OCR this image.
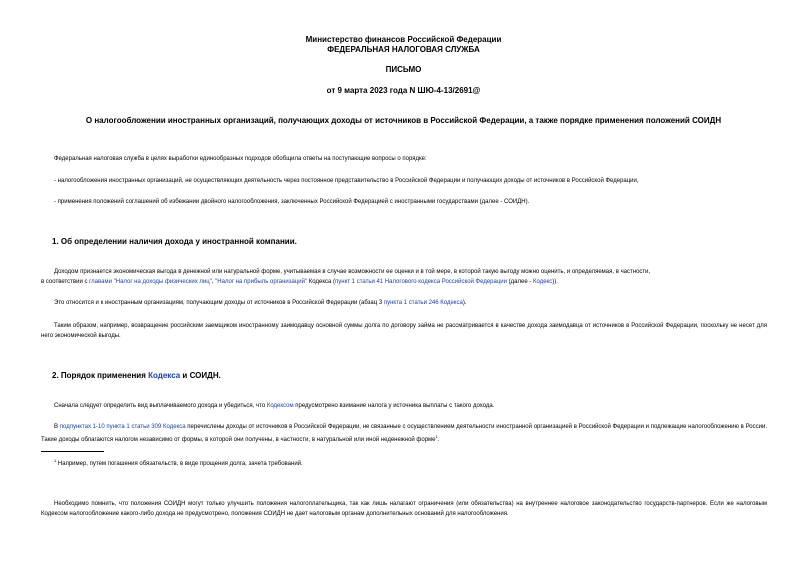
Министерство финансов Российской Федерации
ФЕДЕРАЛЬНАЯ НАЛОГОВАЯ СЛУЖБА
ПИСЬМО
от 9 марта 2023 года N ШЮ-4-13/2691@
О налогообложении иностранных организаций, получающих доходы от источников в Российской Федерации, а также порядке применения положений СОИДН
Федеральная налоговая служба в целях выработки единообразных подходов обобщила ответы на поступающие вопросы о порядке:
- налогообложения иностранных организаций, не осуществляющих деятельность через постоянное представительство в Российской Федерации и получающих доходы от источников в Российской Федерации,
- применения положений соглашений об избежании двойного налогообложения, заключенных Российской Федерацией с иностранными государствами (далее - СОИДН).
1. Об определении наличия дохода у иностранной компании.
Доходом признается экономическая выгода в денежной или натуральной форме, учитываемая в случае возможности ее оценки и в той мере, в которой такую выгоду можно оценить, и определяемая, в частности,
в соответствии с главами "Налог на доходы физических лиц", "Налог на прибыль организаций" Кодекса (пункт 1 статьи 41 Налогового кодекса Российской Федерации (далее - Кодекс)).
Это относится и к иностранным организациям, получающим доходы от источников в Российской Федерации (абзац 3 пункта 1 статьи 246 Кодекса).
Таким образом, например, возвращение российским заемщиком иностранному заимодавцу основной суммы долга по договору займа не рассматривается в качестве дохода заимодавца от источников в Российской Федерации, поскольку не несет для него экономической выгоды.
2. Порядок применения Кодекса и СОИДН.
Сначала следует определить вид выплачиваемого дохода и убедиться, что Кодексом предусмотрено взимание налога у источника выплаты с такого дохода.
В подпунктах 1-10 пункта 1 статьи 309 Кодекса перечислены доходы от источников в Российской Федерации, не связанные с осуществлением деятельности иностранной организацией в Российской Федерации и подлежащие налогообложению в России. Такие доходы облагаются налогом независимо от формы, в которой они получены, в частности, в натуральной или иной неденежной форме$^1$.
$^1$ Например, путем погашения обязательств, в виде прощения долга, зачета требований.
Необходимо помнить, что положения СОИДН могут только улучшить положения налогоплательщика, так как лишь налагают ограничения (или обязательства) на внутреннее налоговое законодательство государств-партнеров. Если же налоговым Кодексом налогообложение какого-либо дохода не предусмотрено, положения СОИДН не дает налоговым органам дополнительных оснований для налогообложения.
